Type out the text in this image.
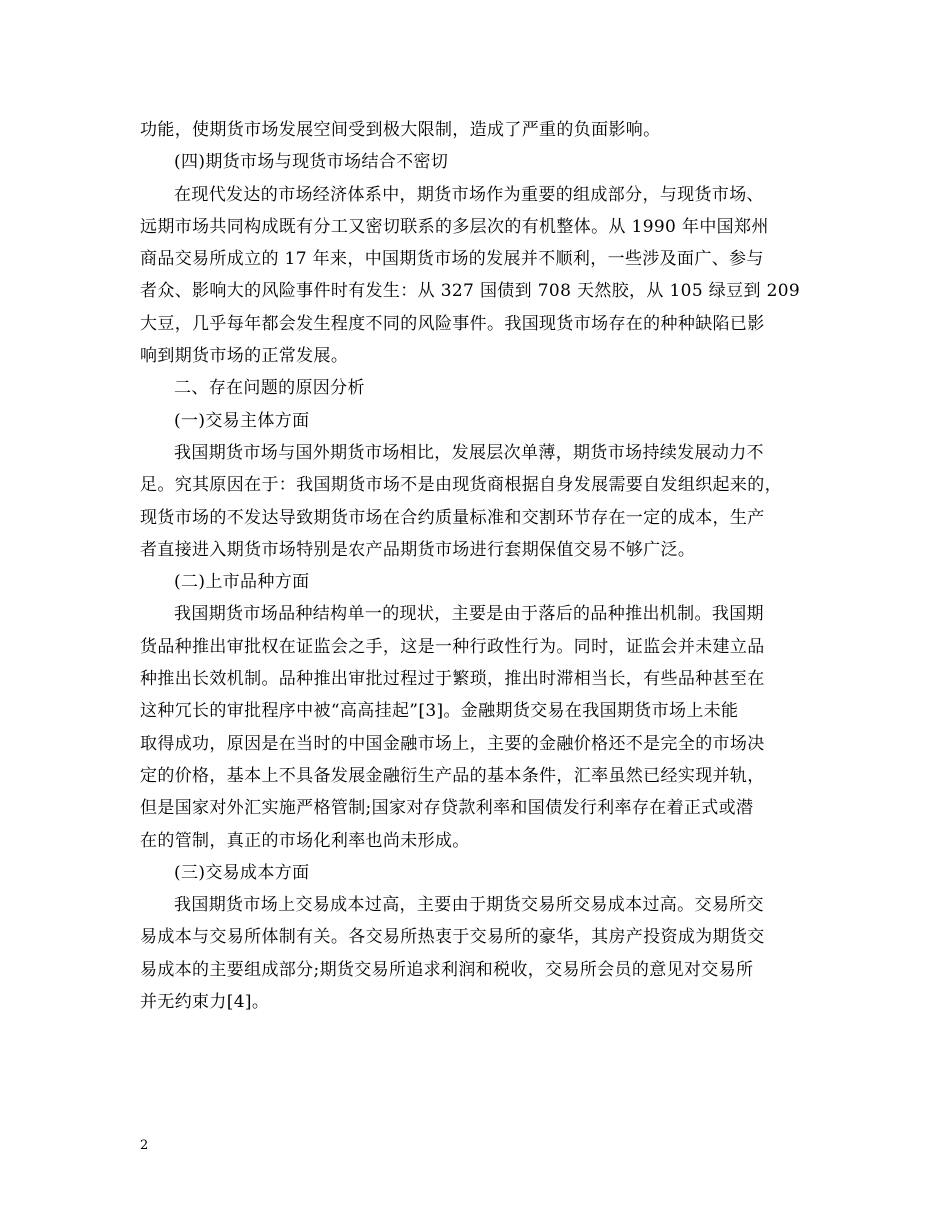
功能，使期货市场发展空间受到极大限制，造成了严重的负面影响。
(四)期货市场与现货市场结合不密切
在现代发达的市场经济体系中，期货市场作为重要的组成部分，与现货市场、
远期市场共同构成既有分工又密切联系的多层次的有机整体。从 1990 年中国郑州
商品交易所成立的 17 年来，中国期货市场的发展并不顺利，一些涉及面广、参与
者众、影响大的风险事件时有发生：从 327 国债到 708 天然胶，从 105 绿豆到 209
大豆，几乎每年都会发生程度不同的风险事件。我国现货市场存在的种种缺陷已影
响到期货市场的正常发展。
二、存在问题的原因分析
(一)交易主体方面
我国期货市场与国外期货市场相比，发展层次单薄，期货市场持续发展动力不
足。究其原因在于：我国期货市场不是由现货商根据自身发展需要自发组织起来的，
现货市场的不发达导致期货市场在合约质量标准和交割环节存在一定的成本，生产
者直接进入期货市场特别是农产品期货市场进行套期保值交易不够广泛。
(二)上市品种方面
我国期货市场品种结构单一的现状，主要是由于落后的品种推出机制。我国期
货品种推出审批权在证监会之手，这是一种行政性行为。同时，证监会并未建立品
种推出长效机制。品种推出审批过程过于繁琐，推出时滞相当长，有些品种甚至在
这种冗长的审批程序中被“高高挂起”[3]。金融期货交易在我国期货市场上未能
取得成功，原因是在当时的中国金融市场上，主要的金融价格还不是完全的市场决
定的价格，基本上不具备发展金融衍生产品的基本条件，汇率虽然已经实现并轨，
但是国家对外汇实施严格管制;国家对存贷款利率和国债发行利率存在着正式或潜
在的管制，真正的市场化利率也尚未形成。
(三)交易成本方面
我国期货市场上交易成本过高，主要由于期货交易所交易成本过高。交易所交
易成本与交易所体制有关。各交易所热衷于交易所的豪华，其房产投资成为期货交
易成本的主要组成部分;期货交易所追求利润和税收，交易所会员的意见对交易所
并无约束力[4]。
2
